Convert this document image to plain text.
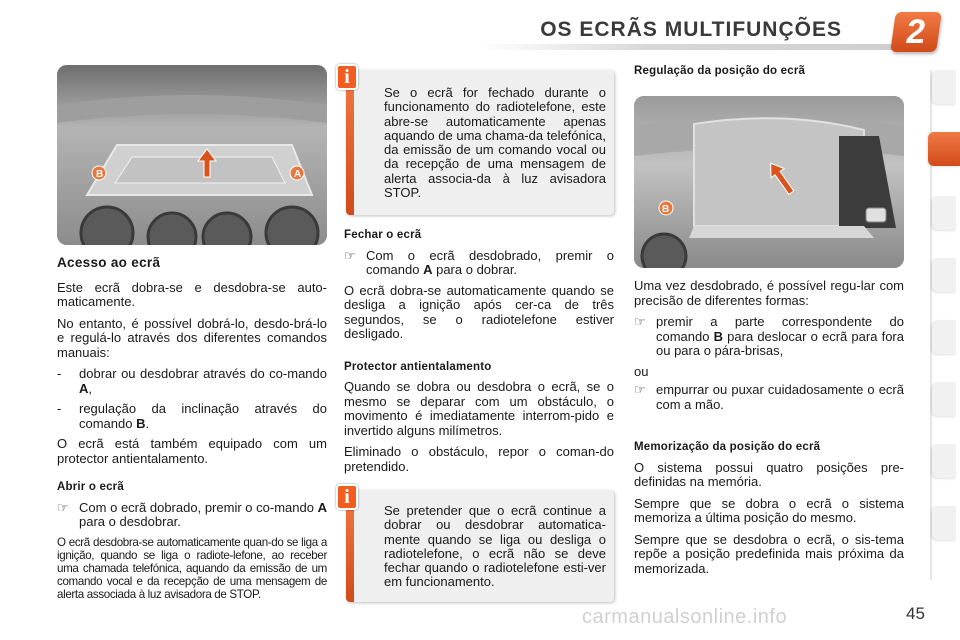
OS ECRÃS MULTIFUNÇÕES	2
B	A
Acesso ao ecrã

Este ecrã dobra-se e desdobra-se auto-maticamente.

No entanto, é possível dobrá-lo, desdo-brá-lo e regulá-lo através dos diferentes comandos manuais:

-	dobrar ou desdobrar através do co-mando A,
-	regulação da inclinação através do comando B.

O ecrã está também equipado com um protector antientalamento.

Abrir o ecrã
☞ Com o ecrã dobrado, premir o co-mando A para o desdobrar.

O ecrã desdobra-se automaticamente quan-do se liga a ignição, quando se liga o radiote-lefone, ao receber uma chamada telefónica, aquando da emissão de um comando vocal e da recepção de uma mensagem de alerta associada à luz avisadora de STOP.

i
Se o ecrã for fechado durante o funcionamento do radiotelefone, este abre-se automaticamente apenas aquando de uma chama-da telefónica, da emissão de um comando vocal ou da recepção de uma mensagem de alerta associa-da à luz avisadora STOP.
Fechar o ecrã
☞ Com o ecrã desdobrado, premir o comando A para o dobrar.

O ecrã dobra-se automaticamente quando se desliga a ignição após cer-ca de três segundos, se o radiotelefone estiver desligado.

Protector antientalamento

Quando se dobra ou desdobra o ecrã, se o mesmo se deparar com um obstáculo, o movimento é imediatamente interrom-pido e invertido alguns milímetros.

Eliminado o obstáculo, repor o coman-do pretendido.

i
Se pretender que o ecrã continue a dobrar ou desdobrar automatica-mente quando se liga ou desliga o radiotelefone, o ecrã não se deve fechar quando o radiotelefone esti-ver em funcionamento.
Regulação da posição do ecrã
B

Uma vez desdobrado, é possível regu-lar com precisão de diferentes formas:

☞ premir a parte correspondente do comando B para deslocar o ecrã para fora ou para o pára-brisas,

ou

☞ empurrar ou puxar cuidadosamente o ecrã com a mão.
Memorização da posição do ecrã

O sistema possui quatro posições pre-definidas na memória.

Sempre que se dobra o ecrã o sistema memoriza a última posição do mesmo.

Sempre que se desdobra o ecrã, o sis-tema repõe a posição predefinida mais próxima da memorizada.

carmanualsonline.info	45
